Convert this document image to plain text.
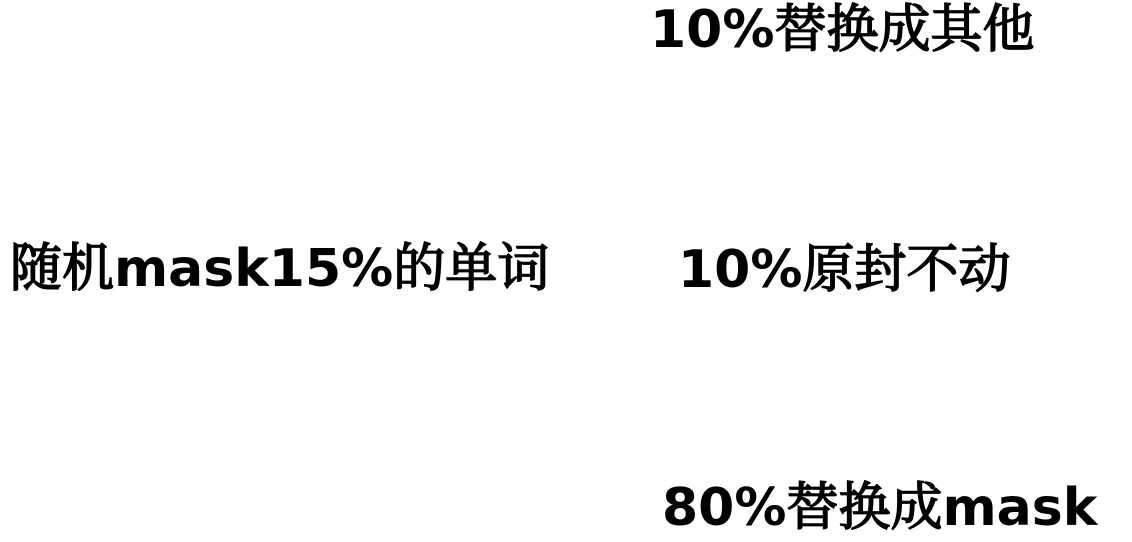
随机mask15%的单词
10%替换成其他
10%原封不动
80%替换成mask
